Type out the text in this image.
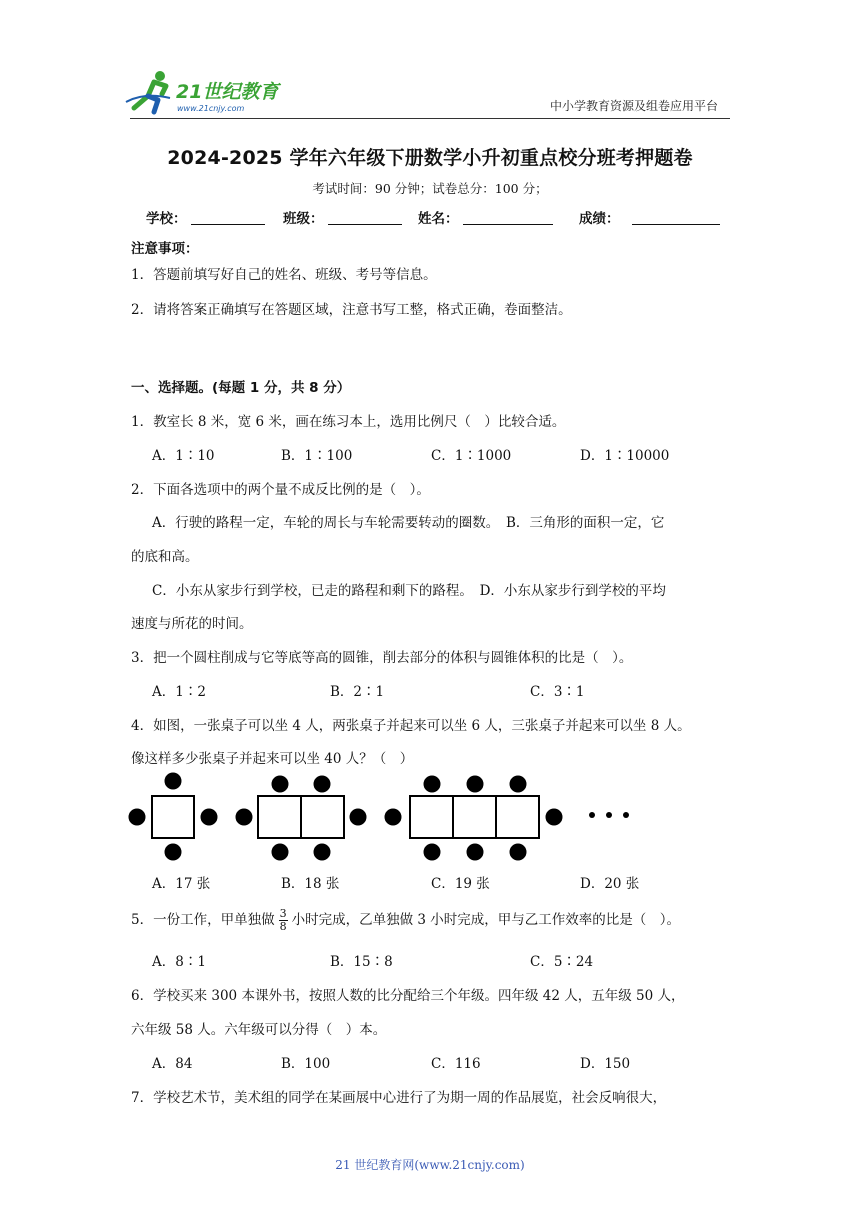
21世纪教育
www.21cnjy.com	中小学教育资源及组卷应用平台
2024-2025 学年六年级下册数学小升初重点校分班考押题卷
考试时间：90 分钟；试卷总分：100 分；
学校：	班级：	姓名：	成绩：
注意事项：
1．答题前填写好自己的姓名、班级、考号等信息。
2．请将答案正确填写在答题区域，注意书写工整，格式正确，卷面整洁。
一、选择题。(每题 1 分，共 8 分）
1．教室长 8 米，宽 6 米，画在练习本上，选用比例尺（　）比较合适。
A．1∶10	B．1∶100	C．1∶1000	D．1∶10000
2．下面各选项中的两个量不成反比例的是（　）。
A．行驶的路程一定，车轮的周长与车轮需要转动的圈数。　B．三角形的面积一定，它
的底和高。
C．小东从家步行到学校，已走的路程和剩下的路程。　D．小东从家步行到学校的平均
速度与所花的时间。
3．把一个圆柱削成与它等底等高的圆锥，削去部分的体积与圆锥体积的比是（　）。
A．1∶2	B．2∶1	C．3∶1
4．如图，一张桌子可以坐 4 人，两张桌子并起来可以坐 6 人，三张桌子并起来可以坐 8 人。
像这样多少张桌子并起来可以坐 40 人？（　）
A．17 张	B．18 张	C．19 张	D．20 张
5．一份工作，甲单独做 $\frac{3}{8}$ 小时完成，乙单独做 3 小时完成，甲与乙工作效率的比是（　）。
A．8∶1	B．15∶8	C．5∶24
6．学校买来 300 本课外书，按照人数的比分配给三个年级。四年级 42 人，五年级 50 人，
六年级 58 人。六年级可以分得（　）本。
A．84	B．100	C．116	D．150
7．学校艺术节，美术组的同学在某画展中心进行了为期一周的作品展览，社会反响很大，
21 世纪教育网(www.21cnjy.com)
